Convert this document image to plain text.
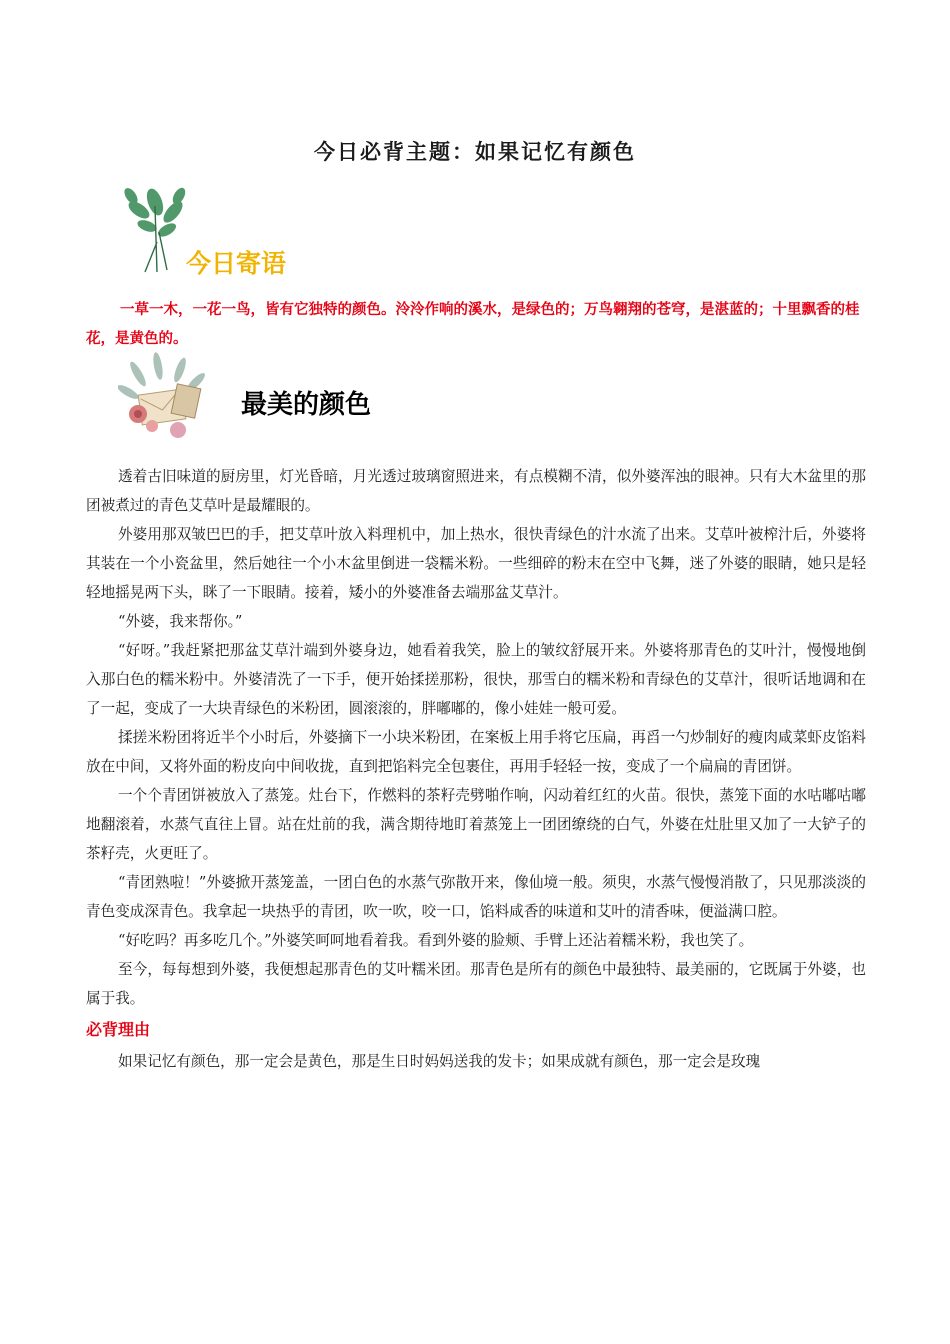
今日必背主题：如果记忆有颜色
今日寄语

一草一木，一花一鸟，皆有它独特的颜色。泠泠作响的溪水，是绿色的；万鸟翱翔的苍穹，是湛蓝的；十里飘香的桂花，是黄色的。

最美的颜色

透着古旧味道的厨房里，灯光昏暗，月光透过玻璃窗照进来，有点模糊不清，似外婆浑浊的眼神。只有大木盆里的那团被煮过的青色艾草叶是最耀眼的。

外婆用那双皱巴巴的手，把艾草叶放入料理机中，加上热水，很快青绿色的汁水流了出来。艾草叶被榨汁后，外婆将其装在一个小瓷盆里，然后她往一个小木盆里倒进一袋糯米粉。一些细碎的粉末在空中飞舞，迷了外婆的眼睛，她只是轻轻地摇晃两下头，眯了一下眼睛。接着，矮小的外婆准备去端那盆艾草汁。

“外婆，我来帮你。”

“好呀。”我赶紧把那盆艾草汁端到外婆身边，她看着我笑，脸上的皱纹舒展开来。外婆将那青色的艾叶汁，慢慢地倒入那白色的糯米粉中。外婆清洗了一下手，便开始揉搓那粉，很快，那雪白的糯米粉和青绿色的艾草汁，很听话地调和在了一起，变成了一大块青绿色的米粉团，圆滚滚的，胖嘟嘟的，像小娃娃一般可爱。

揉搓米粉团将近半个小时后，外婆摘下一小块米粉团，在案板上用手将它压扁，再舀一勺炒制好的瘦肉咸菜虾皮馅料放在中间，又将外面的粉皮向中间收拢，直到把馅料完全包裹住，再用手轻轻一按，变成了一个扁扁的青团饼。

一个个青团饼被放入了蒸笼。灶台下，作燃料的茶籽壳劈啪作响，闪动着红红的火苗。很快，蒸笼下面的水咕嘟咕嘟地翻滚着，水蒸气直往上冒。站在灶前的我，满含期待地盯着蒸笼上一团团缭绕的白气，外婆在灶肚里又加了一大铲子的茶籽壳，火更旺了。

“青团熟啦！”外婆掀开蒸笼盖，一团白色的水蒸气弥散开来，像仙境一般。须臾，水蒸气慢慢消散了，只见那淡淡的青色变成深青色。我拿起一块热乎的青团，吹一吹，咬一口，馅料咸香的味道和艾叶的清香味，便溢满口腔。

“好吃吗？再多吃几个。”外婆笑呵呵地看着我。看到外婆的脸颊、手臂上还沾着糯米粉，我也笑了。

至今，每每想到外婆，我便想起那青色的艾叶糯米团。那青色是所有的颜色中最独特、最美丽的，它既属于外婆，也属于我。

必背理由

如果记忆有颜色，那一定会是黄色，那是生日时妈妈送我的发卡；如果成就有颜色，那一定会是玫瑰
